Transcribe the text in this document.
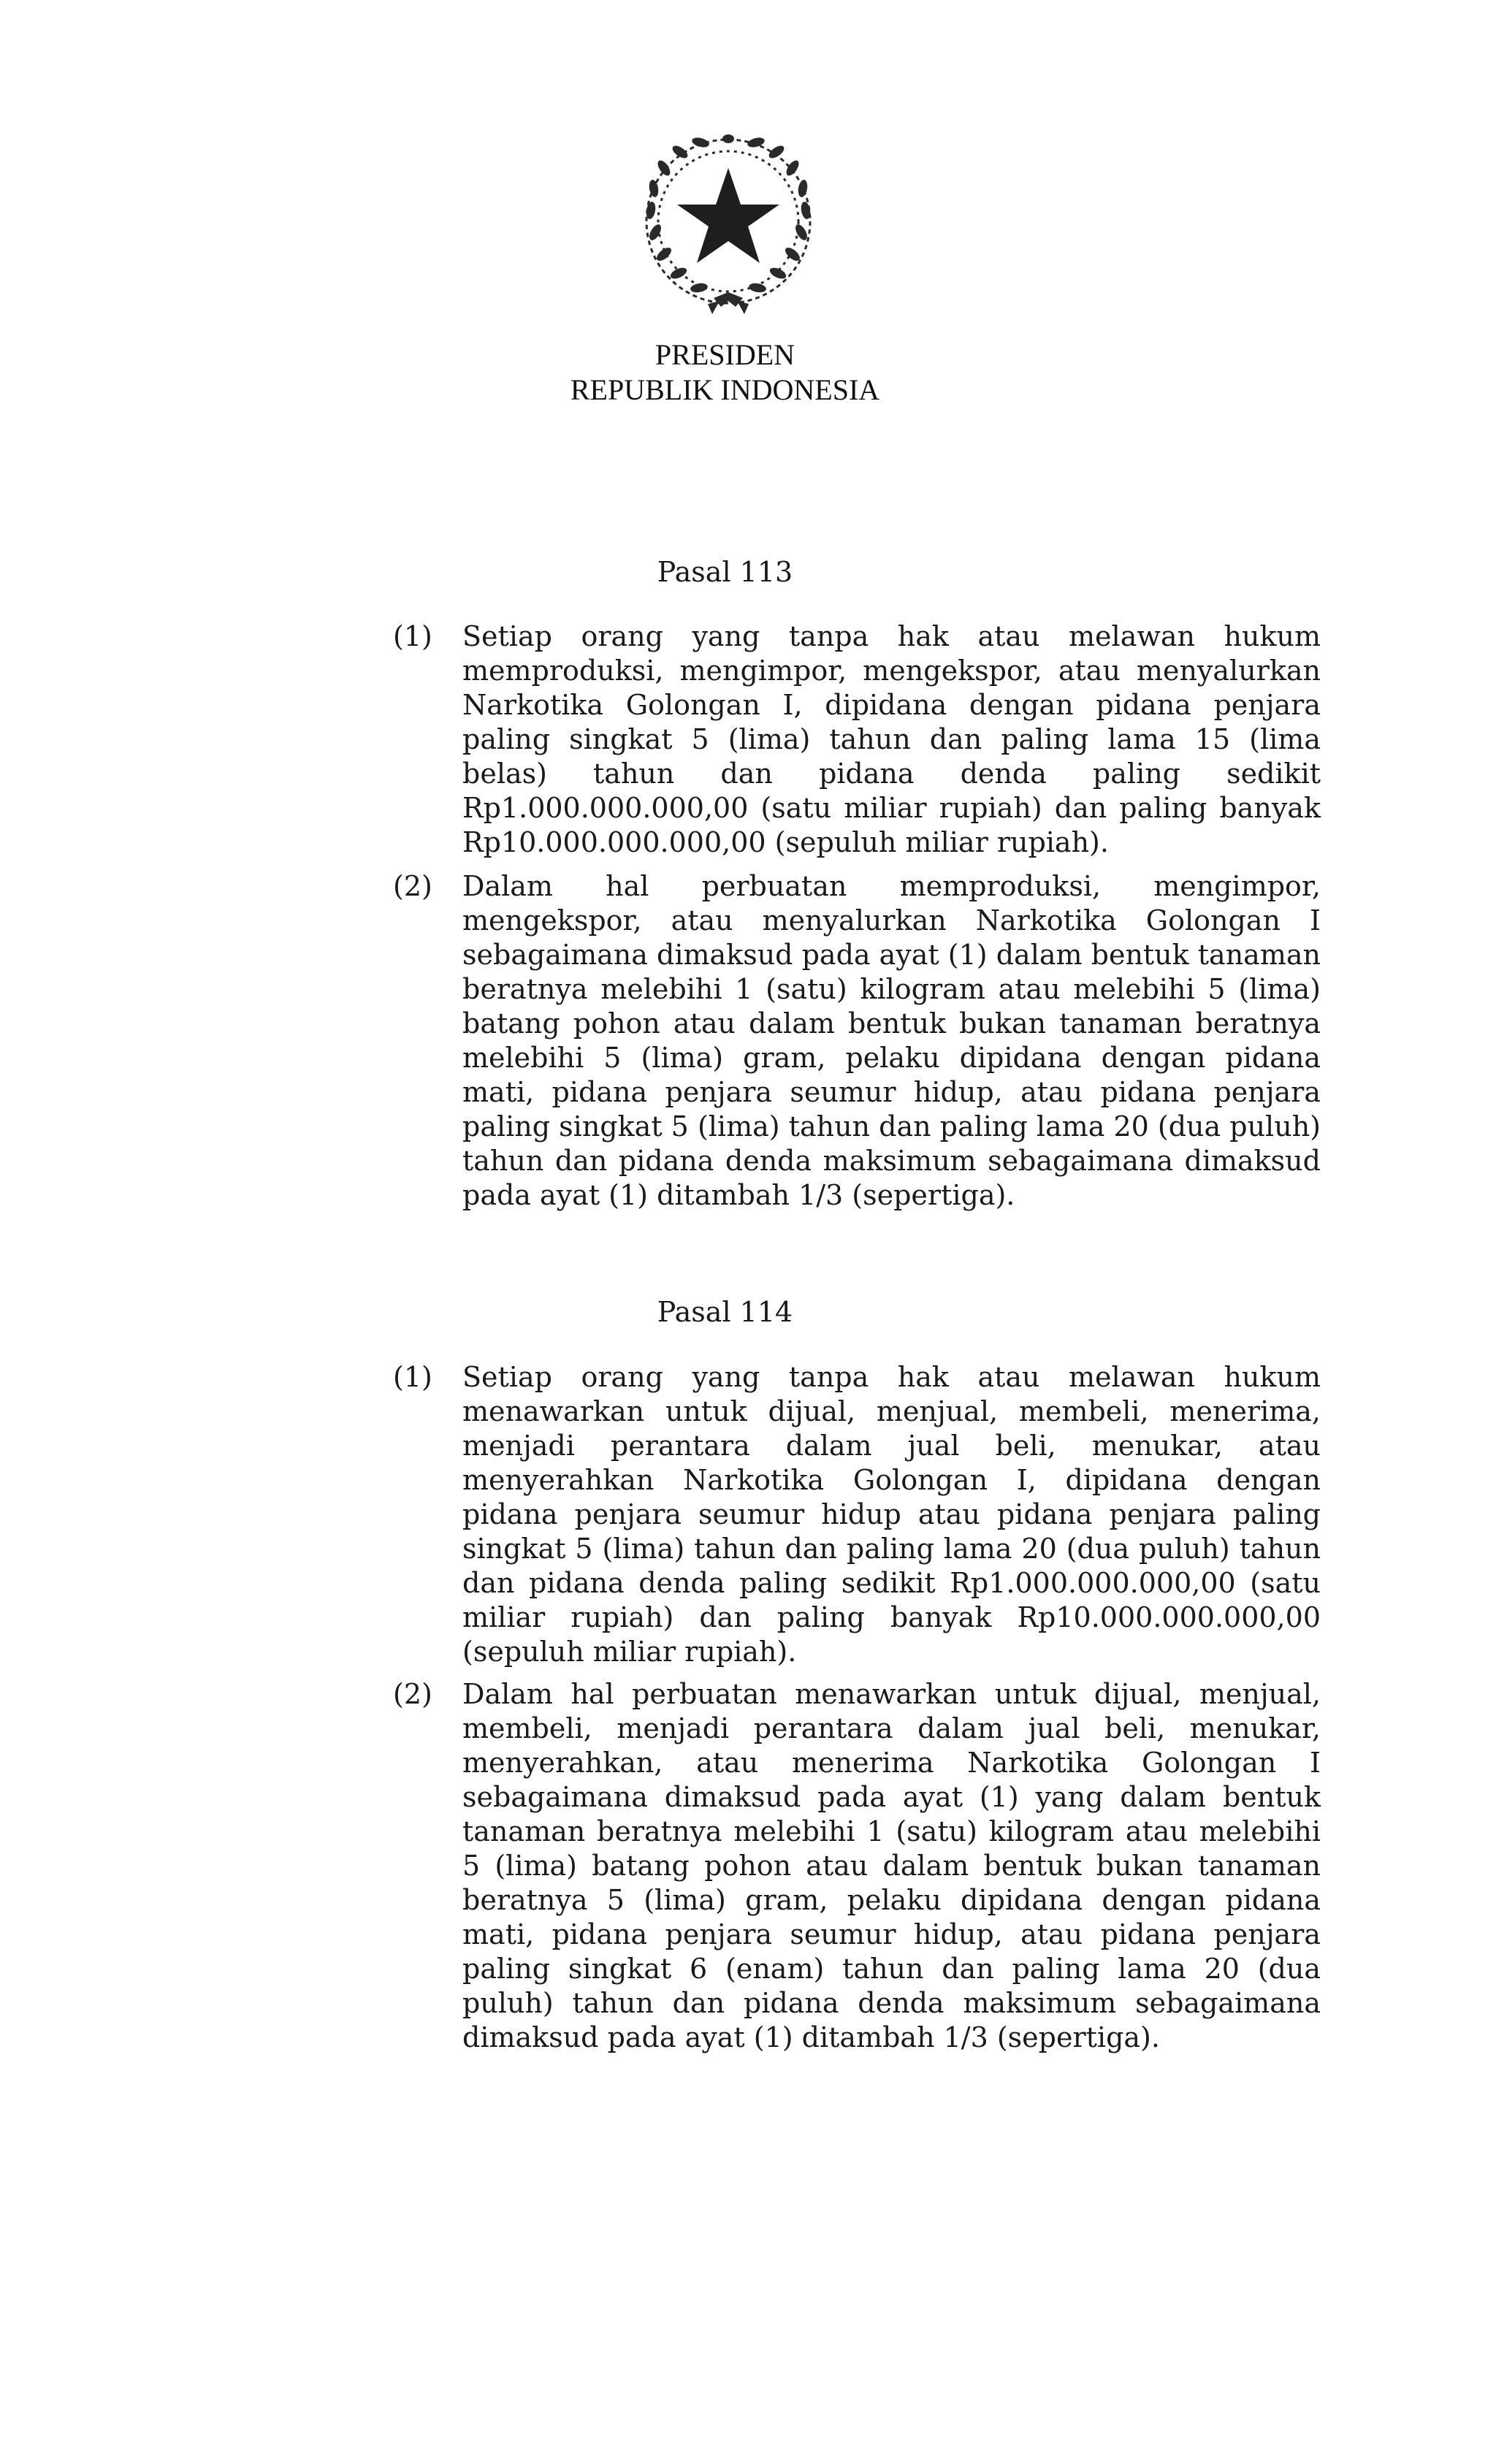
PRESIDEN
REPUBLIK INDONESIA
Pasal 113
(1) Setiap orang yang tanpa hak atau melawan hukum memproduksi, mengimpor, mengekspor, atau menyalurkan Narkotika Golongan I, dipidana dengan pidana penjara paling singkat 5 (lima) tahun dan paling lama 15 (lima belas) tahun dan pidana denda paling sedikit Rp1.000.000.000,00 (satu miliar rupiah) dan paling banyak Rp10.000.000.000,00 (sepuluh miliar rupiah).
(2) Dalam hal perbuatan memproduksi, mengimpor, mengekspor, atau menyalurkan Narkotika Golongan I sebagaimana dimaksud pada ayat (1) dalam bentuk tanaman beratnya melebihi 1 (satu) kilogram atau melebihi 5 (lima) batang pohon atau dalam bentuk bukan tanaman beratnya melebihi 5 (lima) gram, pelaku dipidana dengan pidana mati, pidana penjara seumur hidup, atau pidana penjara paling singkat 5 (lima) tahun dan paling lama 20 (dua puluh) tahun dan pidana denda maksimum sebagaimana dimaksud pada ayat (1) ditambah 1/3 (sepertiga).
Pasal 114
(1) Setiap orang yang tanpa hak atau melawan hukum menawarkan untuk dijual, menjual, membeli, menerima, menjadi perantara dalam jual beli, menukar, atau menyerahkan Narkotika Golongan I, dipidana dengan pidana penjara seumur hidup atau pidana penjara paling singkat 5 (lima) tahun dan paling lama 20 (dua puluh) tahun dan pidana denda paling sedikit Rp1.000.000.000,00 (satu miliar rupiah) dan paling banyak Rp10.000.000.000,00 (sepuluh miliar rupiah).
(2) Dalam hal perbuatan menawarkan untuk dijual, menjual, membeli, menjadi perantara dalam jual beli, menukar, menyerahkan, atau menerima Narkotika Golongan I sebagaimana dimaksud pada ayat (1) yang dalam bentuk tanaman beratnya melebihi 1 (satu) kilogram atau melebihi 5 (lima) batang pohon atau dalam bentuk bukan tanaman beratnya 5 (lima) gram, pelaku dipidana dengan pidana mati, pidana penjara seumur hidup, atau pidana penjara paling singkat 6 (enam) tahun dan paling lama 20 (dua puluh) tahun dan pidana denda maksimum sebagaimana dimaksud pada ayat (1) ditambah 1/3 (sepertiga).
